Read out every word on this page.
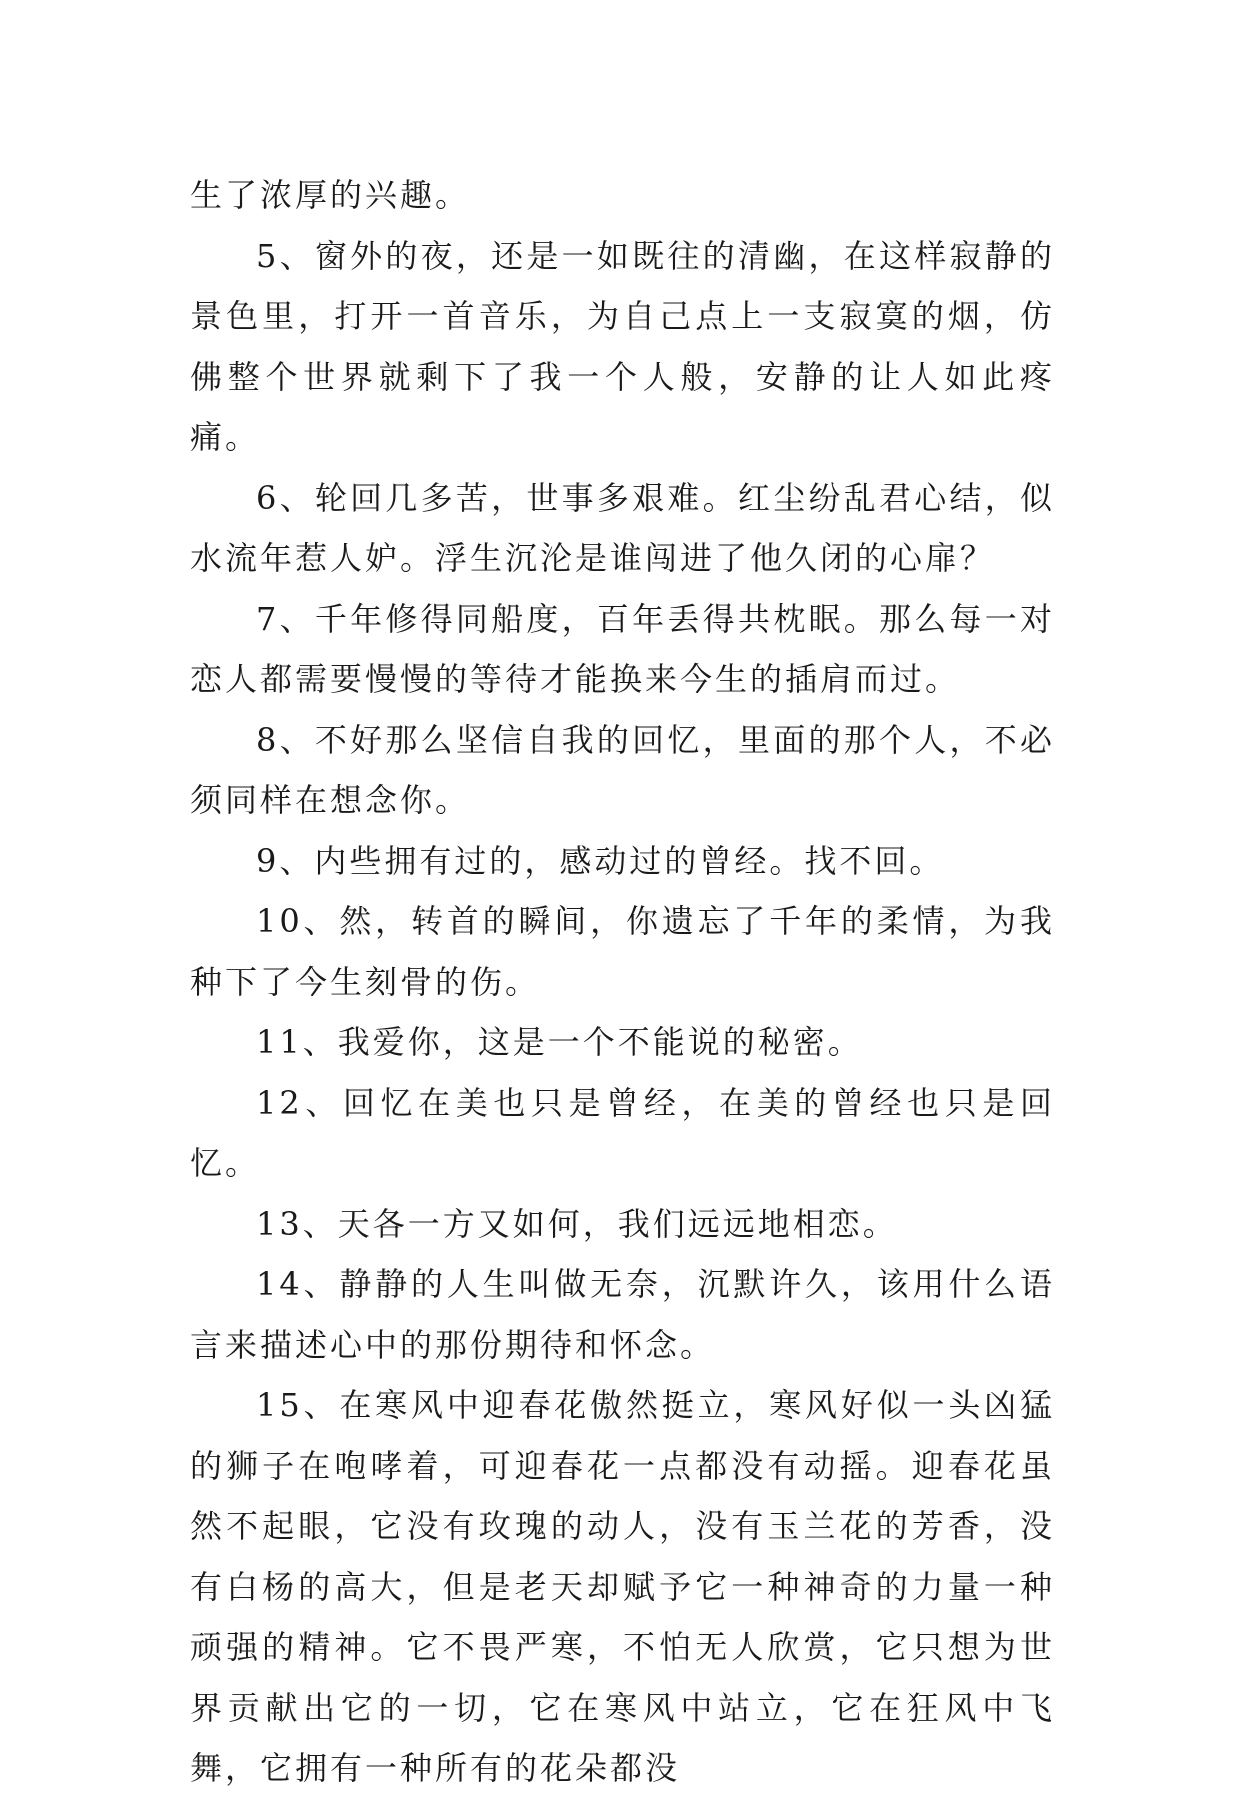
生了浓厚的兴趣。

5、窗外的夜，还是一如既往的清幽，在这样寂静的景色里，打开一首音乐，为自己点上一支寂寞的烟，仿佛整个世界就剩下了我一个人般，安静的让人如此疼痛。

6、轮回几多苦，世事多艰难。红尘纷乱君心结，似水流年惹人妒。浮生沉沦是谁闯进了他久闭的心扉？

7、千年修得同船度，百年丢得共枕眠。那么每一对恋人都需要慢慢的等待才能换来今生的插肩而过。

8、不好那么坚信自我的回忆，里面的那个人，不必须同样在想念你。

9、内些拥有过的，感动过的曾经。找不回。

10、然，转首的瞬间，你遗忘了千年的柔情，为我种下了今生刻骨的伤。

11、我爱你，这是一个不能说的秘密。

12、回忆在美也只是曾经，在美的曾经也只是回忆。

13、天各一方又如何，我们远远地相恋。

14、静静的人生叫做无奈，沉默许久，该用什么语言来描述心中的那份期待和怀念。

15、在寒风中迎春花傲然挺立，寒风好似一头凶猛的狮子在咆哮着，可迎春花一点都没有动摇。迎春花虽然不起眼，它没有玫瑰的动人，没有玉兰花的芳香，没有白杨的高大，但是老天却赋予它一种神奇的力量一种顽强的精神。它不畏严寒，不怕无人欣赏，它只想为世界贡献出它的一切，它在寒风中站立，它在狂风中飞舞，它拥有一种所有的花朵都没
